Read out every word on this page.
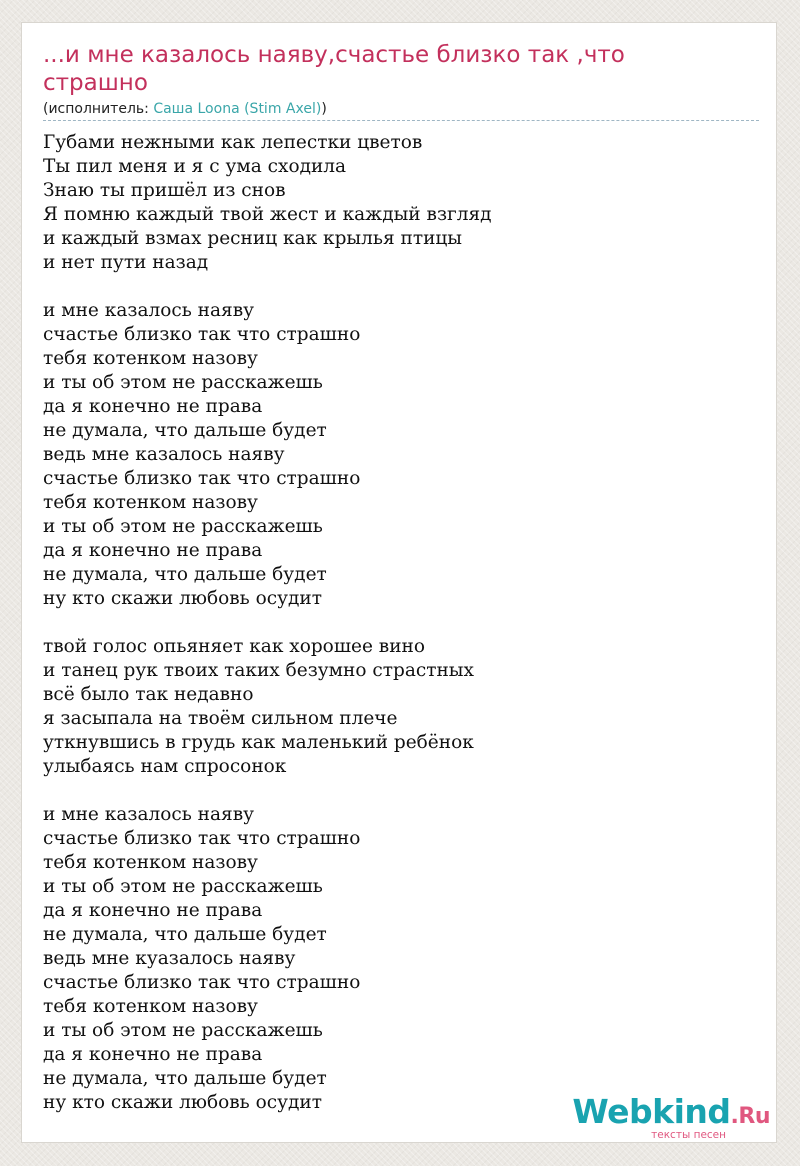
...и мне казалось наяву,счастье близко так ,что страшно
(исполнитель: Саша Loona (Stim Axel))
Губами нежными как лепестки цветов
Ты пил меня и я с ума сходила
Знаю ты пришёл из снов
Я помню каждый твой жест и каждый взгляд
и каждый взмах ресниц как крылья птицы
и нет пути назад
и мне казалось наяву
счастье близко так что страшно
тебя котенком назову
и ты об этом не расскажешь
да я конечно не права
не думала, что дальше будет
ведь мне казалось наяву
счастье близко так что страшно
тебя котенком назову
и ты об этом не расскажешь
да я конечно не права
не думала, что дальше будет
ну кто скажи любовь осудит
твой голос опьяняет как хорошее вино
и танец рук твоих таких безумно страстных
всё было так недавно
я засыпала на твоём сильном плече
уткнувшись в грудь как маленький ребёнок
улыбаясь нам спросонок
и мне казалось наяву
счастье близко так что страшно
тебя котенком назову
и ты об этом не расскажешь
да я конечно не права
не думала, что дальше будет
ведь мне куазалось наяву
счастье близко так что страшно
тебя котенком назову
и ты об этом не расскажешь
да я конечно не права
не думала, что дальше будет
ну кто скажи любовь осудит	Webkind.Ru
тексты песен
